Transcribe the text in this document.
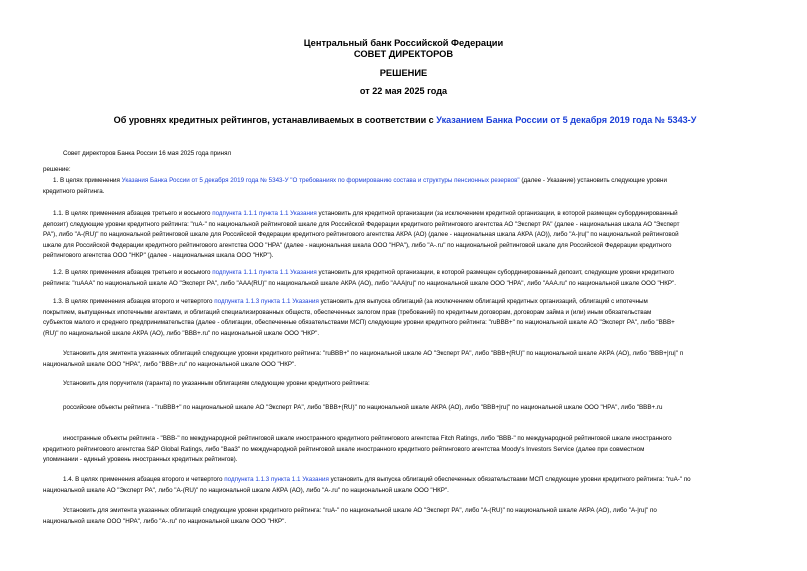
Центральный банк Российской Федерации
СОВЕТ ДИРЕКТОРОВ
РЕШЕНИЕ
от 22 мая 2025 года
Об уровнях кредитных рейтингов, устанавливаемых в соответствии с Указанием Банка России от 5 декабря 2019 года № 5343-У
Совет директоров Банка России 16 мая 2025 года принял
решение:
1. В целях применения Указания Банка России от 5 декабря 2019 года № 5343-У "О требованиях по формированию состава и структуры пенсионных резервов" (далее - Указание) установить следующие уровни
кредитного рейтинга.
1.1. В целях применения абзацев третьего и восьмого подпункта 1.1.1 пункта 1.1 Указания установить для кредитной организации (за исключением кредитной организации, в которой размещен субординированный
депозит) следующие уровни кредитного рейтинга: "ruA-" по национальной рейтинговой шкале для Российской Федерации кредитного рейтингового агентства АО "Эксперт РА" (далее - национальная шкала АО "Эксперт
РА"), либо "A-(RU)" по национальной рейтинговой шкале для Российской Федерации кредитного рейтингового агентства АКРА (АО) (далее - национальная шкала АКРА (АО)), либо "A-|ru|" по национальной рейтинговой
шкале для Российской Федерации кредитного рейтингового агентства ООО "НРА" (далее - национальная шкала ООО "НРА"), либо "A-.ru" по национальной рейтинговой шкале для Российской Федерации кредитного
рейтингового агентства ООО "НКР" (далее - национальная шкала ООО "НКР").
1.2. В целях применения абзацев третьего и восьмого подпункта 1.1.1 пункта 1.1 Указания установить для кредитной организации, в которой размещен субординированный депозит, следующие уровни кредитного
рейтинга: "ruAAA" по национальной шкале АО "Эксперт РА", либо "AAA(RU)" по национальной шкале АКРА (АО), либо "AAA|ru|" по национальной шкале ООО "НРА", либо "AAA.ru" по национальной шкале ООО "НКР".
1.3. В целях применения абзацев второго и четвертого подпункта 1.1.3 пункта 1.1 Указания установить для выпуска облигаций (за исключением облигаций кредитных организаций, облигаций с ипотечным
покрытием, выпущенных ипотечными агентами, и облигаций специализированных обществ, обеспеченных залогом прав (требований) по кредитным договорам, договорам займа и (или) иным обязательствам
субъектов малого и среднего предпринимательства (далее - облигации, обеспеченные обязательствами МСП) следующие уровни кредитного рейтинга: "ruBBB+" по национальной шкале АО "Эксперт РА", либо "BBB+
(RU)" по национальной шкале АКРА (АО), либо "BBB+.ru" по национальной шкале ООО "НКР".
Установить для эмитента указанных облигаций следующие уровни кредитного рейтинга: "ruBBB+" по национальной шкале АО "Эксперт РА", либо "BBB+(RU)" по национальной шкале АКРА (АО), либо "BBB+|ru|" п
национальной шкале ООО "НРА", либо "BBB+.ru" по национальной шкале ООО "НКР".
Установить для поручителя (гаранта) по указанным облигациям следующие уровни кредитного рейтинга:
российские объекты рейтинга - "ruBBB+" по национальной шкале АО "Эксперт РА", либо "BBB+(RU)" по национальной шкале АКРА (АО), либо "BBB+|ru|" по национальной шкале ООО "НРА", либо "BBB+.ru
иностранные объекты рейтинга - "BBB-" по международной рейтинговой шкале иностранного кредитного рейтингового агентства Fitch Ratings, либо "BBB-" по международной рейтинговой шкале иностранного
кредитного рейтингового агентства S&P Global Ratings, либо "Baa3" по международной рейтинговой шкале иностранного кредитного рейтингового агентства Moody's Investors Service (далее при совместном
упоминании - единый уровень иностранных кредитных рейтингов).
1.4. В целях применения абзацев второго и четвертого подпункта 1.1.3 пункта 1.1 Указания установить для выпуска облигаций обеспеченных обязательствами МСП следующие уровни кредитного рейтинга: "ruA-" по
национальной шкале АО "Эксперт РА", либо "A-(RU)" по национальной шкале АКРА (АО), либо "A-.ru" по национальной шкале ООО "НКР".
Установить для эмитента указанных облигаций следующие уровни кредитного рейтинга: "ruA-" по национальной шкале АО "Эксперт РА", либо "A-(RU)" по национальной шкале АКРА (АО), либо "A-|ru|" по
национальной шкале ООО "НРА", либо "A-.ru" по национальной шкале ООО "НКР".
